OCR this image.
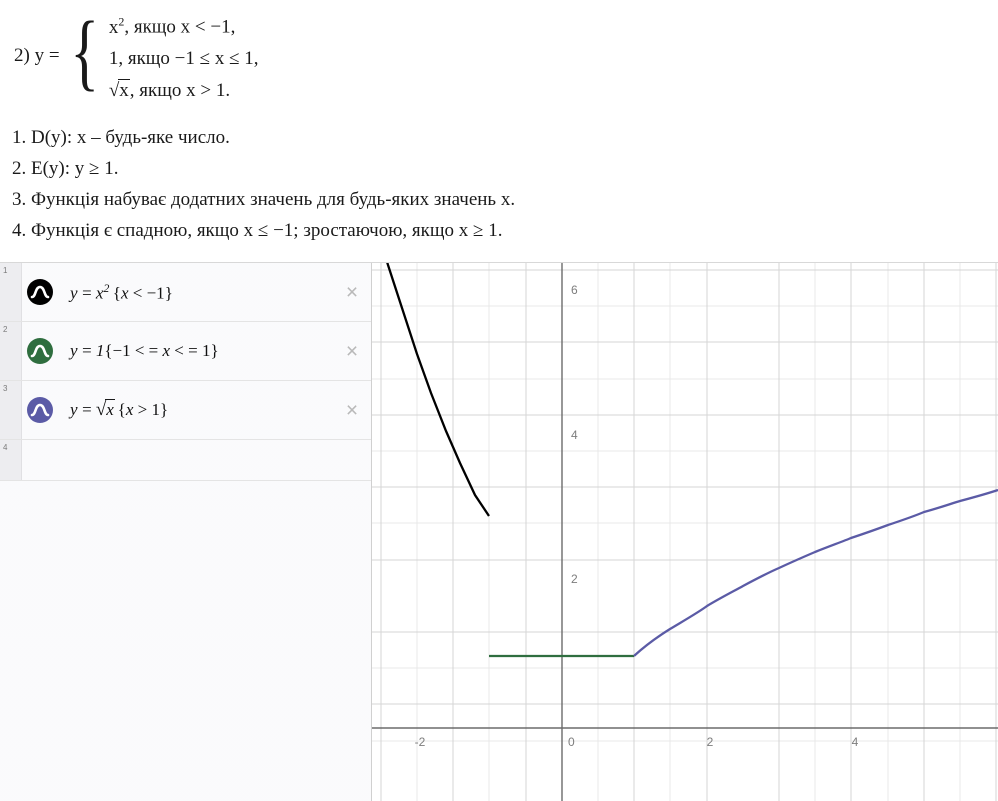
2) y = { $x^2$, якщо x < −1,
1, якщо −1 ≤ x ≤ 1,
√x, якщо x > 1.
1. D(y): x – будь-яке число.
2. E(y): y ≥ 1.
3. Функція набуває додатних значень для будь-яких значень x.
4. Функція є спадною, якщо x ≤ −1; зростаючою, якщо x ≥ 1.
1
$y = x^2$  {x < −1}	×
2
y = 1{−1 < = x < = 1}	×
3
y = √x   {x > 1}	×
4
-2	0	2	4
2
4
6
